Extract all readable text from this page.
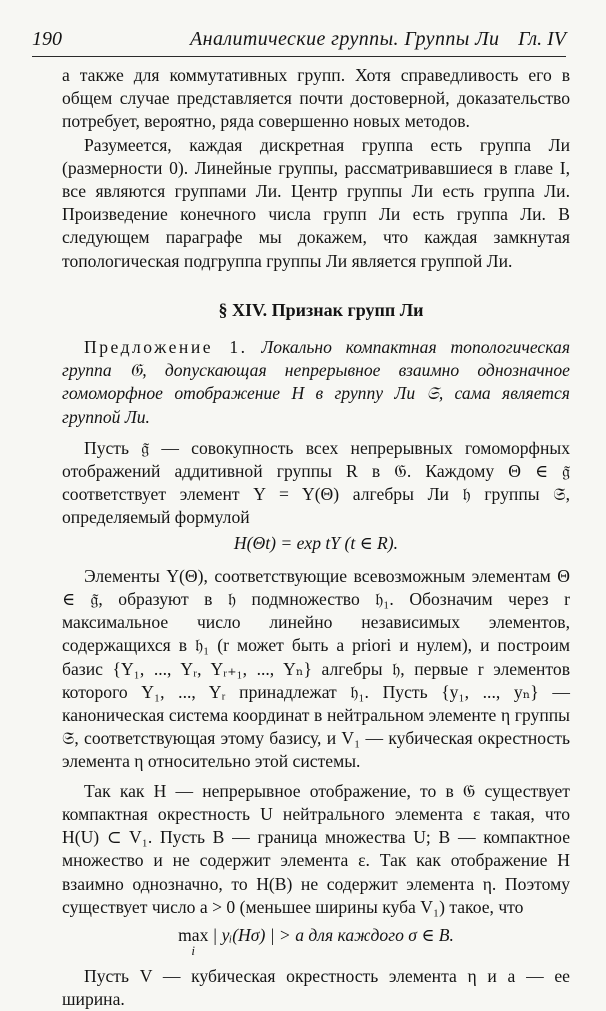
190	Аналитические группы. Группы Ли Гл. IV

а также для коммутативных групп. Хотя справедливость его в общем случае представляется почти достоверной, доказательство потребует, вероятно, ряда совершенно новых методов.

Разумеется, каждая дискретная группа есть группа Ли (размерности 0). Линейные группы, рассматривавшиеся в главе I, все являются группами Ли. Центр группы Ли есть группа Ли. Произведение конечного числа групп Ли есть группа Ли. В следующем параграфе мы докажем, что каждая замкнутая топологическая подгруппа группы Ли является группой Ли.

§ XIV. Признак групп Ли

Предложение 1. Локально компактная топологическая группа 𝔊, допускающая непрерывное взаимно однозначное гомоморфное отображение H в группу Ли 𝔖, сама является группой Ли.

Пусть 𝔤̃ — совокупность всех непрерывных гомоморфных отображений аддитивной группы R в 𝔊. Каждому Θ ∈ 𝔤̃ соответствует элемент Y = Y(Θ) алгебры Ли 𝔥 группы 𝔖, определяемый формулой

H(Θt) = exp tY (t ∈ R).

Элементы Y(Θ), соответствующие всевозможным элементам Θ ∈ 𝔤̃, образуют в 𝔥 подмножество 𝔥₁. Обозначим через r максимальное число линейно независимых элементов, содержащихся в 𝔥₁ (r может быть a priori и нулем), и построим базис {Y₁, ..., Yᵣ, Yᵣ₊₁, ..., Yₙ} алгебры 𝔥, первые r элементов которого Y₁, ..., Yᵣ принадлежат 𝔥₁. Пусть {y₁, ..., yₙ} — каноническая система координат в нейтральном элементе η группы 𝔖, соответствующая этому базису, и V₁ — кубическая окрестность элемента η относительно этой системы.

Так как H — непрерывное отображение, то в 𝔊 существует компактная окрестность U нейтрального элемента ε такая, что H(U) ⊂ V₁. Пусть B — граница множества U; B — компактное множество и не содержит элемента ε. Так как отображение H взаимно однозначно, то H(B) не содержит элемента η. Поэтому существует число a > 0 (меньшее ширины куба V₁) такое, что

max
i
| yᵢ(Hσ) | > a для каждого σ ∈ B.

Пусть V — кубическая окрестность элемента η и a — ее ширина.
